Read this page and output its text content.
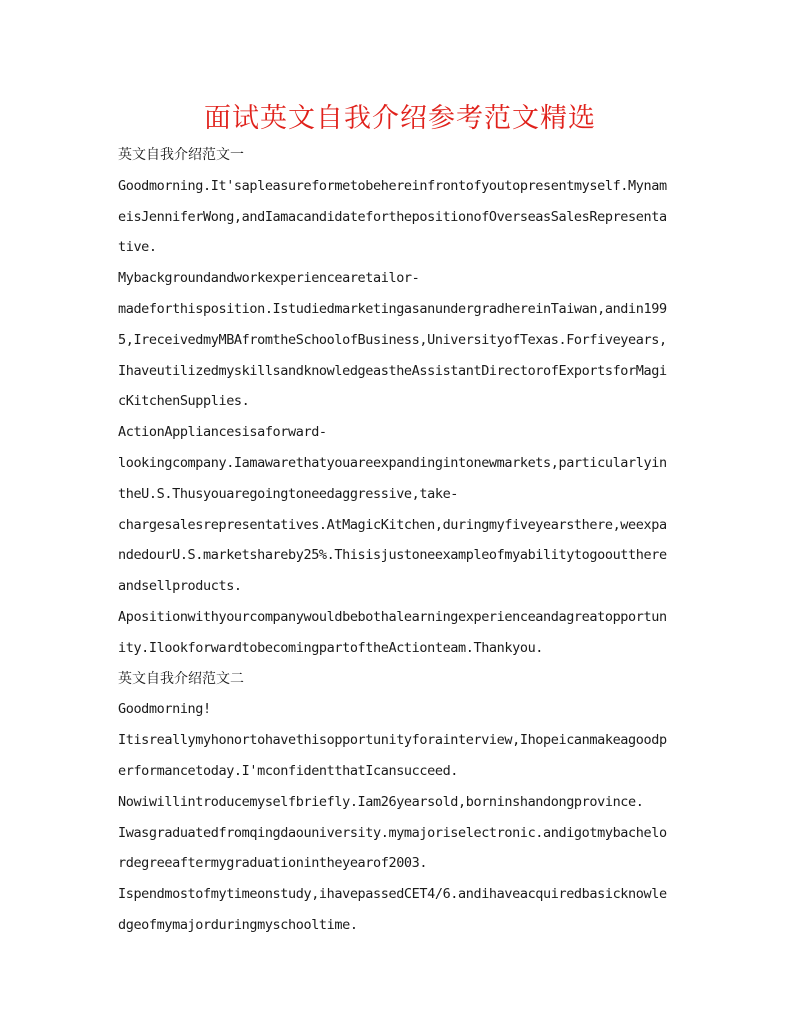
面试英文自我介绍参考范文精选
英文自我介绍范文一
Goodmorning.It'sapleasureformetobehereinfrontofyoutopresentmyself.Mynam
eisJenniferWong,andIamacandidateforthepositionofOverseasSalesRepresenta
tive.
Mybackgroundandworkexperiencearetailor-
madeforthisposition.IstudiedmarketingasanundergradhereinTaiwan,andin199
5,IreceivedmyMBAfromtheSchoolofBusiness,UniversityofTexas.Forfiveyears,
IhaveutilizedmyskillsandknowledgeastheAssistantDirectorofExportsforMagi
cKitchenSupplies.
ActionAppliancesisaforward-
lookingcompany.Iamawarethatyouareexpandingintonewmarkets,particularlyin
theU.S.Thusyouaregoingtoneedaggressive,take-
chargesalesrepresentatives.AtMagicKitchen,duringmyfiveyearsthere,weexpa
ndedourU.S.marketshareby25%.Thisisjustoneexampleofmyabilitytogooutthere
andsellproducts.
Apositionwithyourcompanywouldbebothalearningexperienceandagreatopportun
ity.IlookforwardtobecomingpartoftheActionteam.Thankyou.
英文自我介绍范文二
Goodmorning!
Itisreallymyhonortohavethisopportunityforainterview,Ihopeicanmakeagoodp
erformancetoday.I'mconfidentthatIcansucceed.
Nowiwillintroducemyselfbriefly.Iam26yearsold,borninshandongprovince.
Iwasgraduatedfromqingdaouniversity.mymajoriselectronic.andigotmybachelo
rdegreeaftermygraduationintheyearof2003.
Ispendmostofmytimeonstudy,ihavepassedCET4/6.andihaveacquiredbasicknowle
dgeofmymajorduringmyschooltime.
